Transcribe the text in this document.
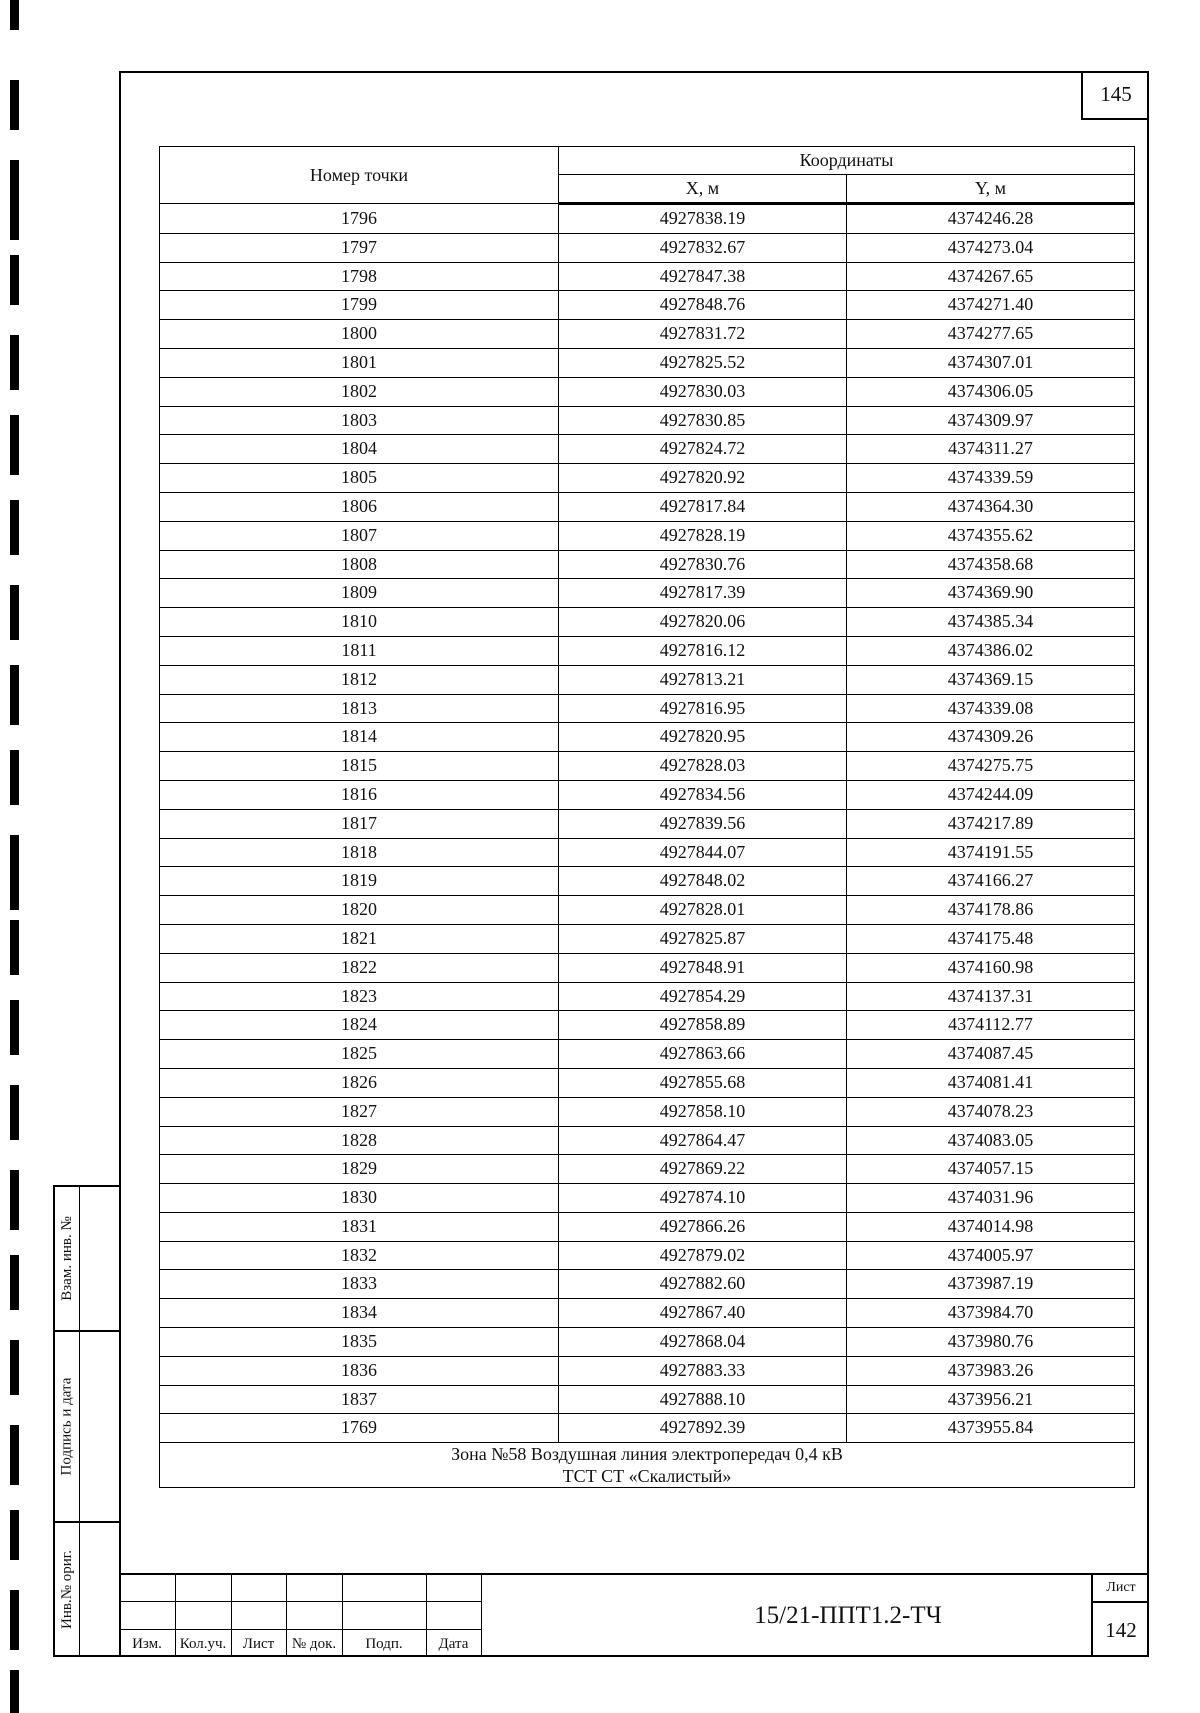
145
Номер точки	Координаты	
	X, м	Y, м
1796	4927838.19	4374246.28
1797	4927832.67	4374273.04
1798	4927847.38	4374267.65
1799	4927848.76	4374271.40
1800	4927831.72	4374277.65
1801	4927825.52	4374307.01
1802	4927830.03	4374306.05
1803	4927830.85	4374309.97
1804	4927824.72	4374311.27
1805	4927820.92	4374339.59
1806	4927817.84	4374364.30
1807	4927828.19	4374355.62
1808	4927830.76	4374358.68
1809	4927817.39	4374369.90
1810	4927820.06	4374385.34
1811	4927816.12	4374386.02
1812	4927813.21	4374369.15
1813	4927816.95	4374339.08
1814	4927820.95	4374309.26
1815	4927828.03	4374275.75
1816	4927834.56	4374244.09
1817	4927839.56	4374217.89
1818	4927844.07	4374191.55
1819	4927848.02	4374166.27
1820	4927828.01	4374178.86
1821	4927825.87	4374175.48
1822	4927848.91	4374160.98
1823	4927854.29	4374137.31
1824	4927858.89	4374112.77
1825	4927863.66	4374087.45
1826	4927855.68	4374081.41
1827	4927858.10	4374078.23
1828	4927864.47	4374083.05
1829	4927869.22	4374057.15
1830	4927874.10	4374031.96
1831	4927866.26	4374014.98
1832	4927879.02	4374005.97
1833	4927882.60	4373987.19
1834	4927867.40	4373984.70
1835	4927868.04	4373980.76
1836	4927883.33	4373983.26
1837	4927888.10	4373956.21
1769	4927892.39	4373955.84

Зона №58 Воздушная линия электропередач 0,4 кВ
ТСТ СТ «Скалистый»		
Взам. инв. №
Подпись и дата
Инв.№ ориг.
Изм.	Кол.уч.	Лист	№ док.	Подп.	Дата
15/21-ППТ1.2-ТЧ
Лист
142
